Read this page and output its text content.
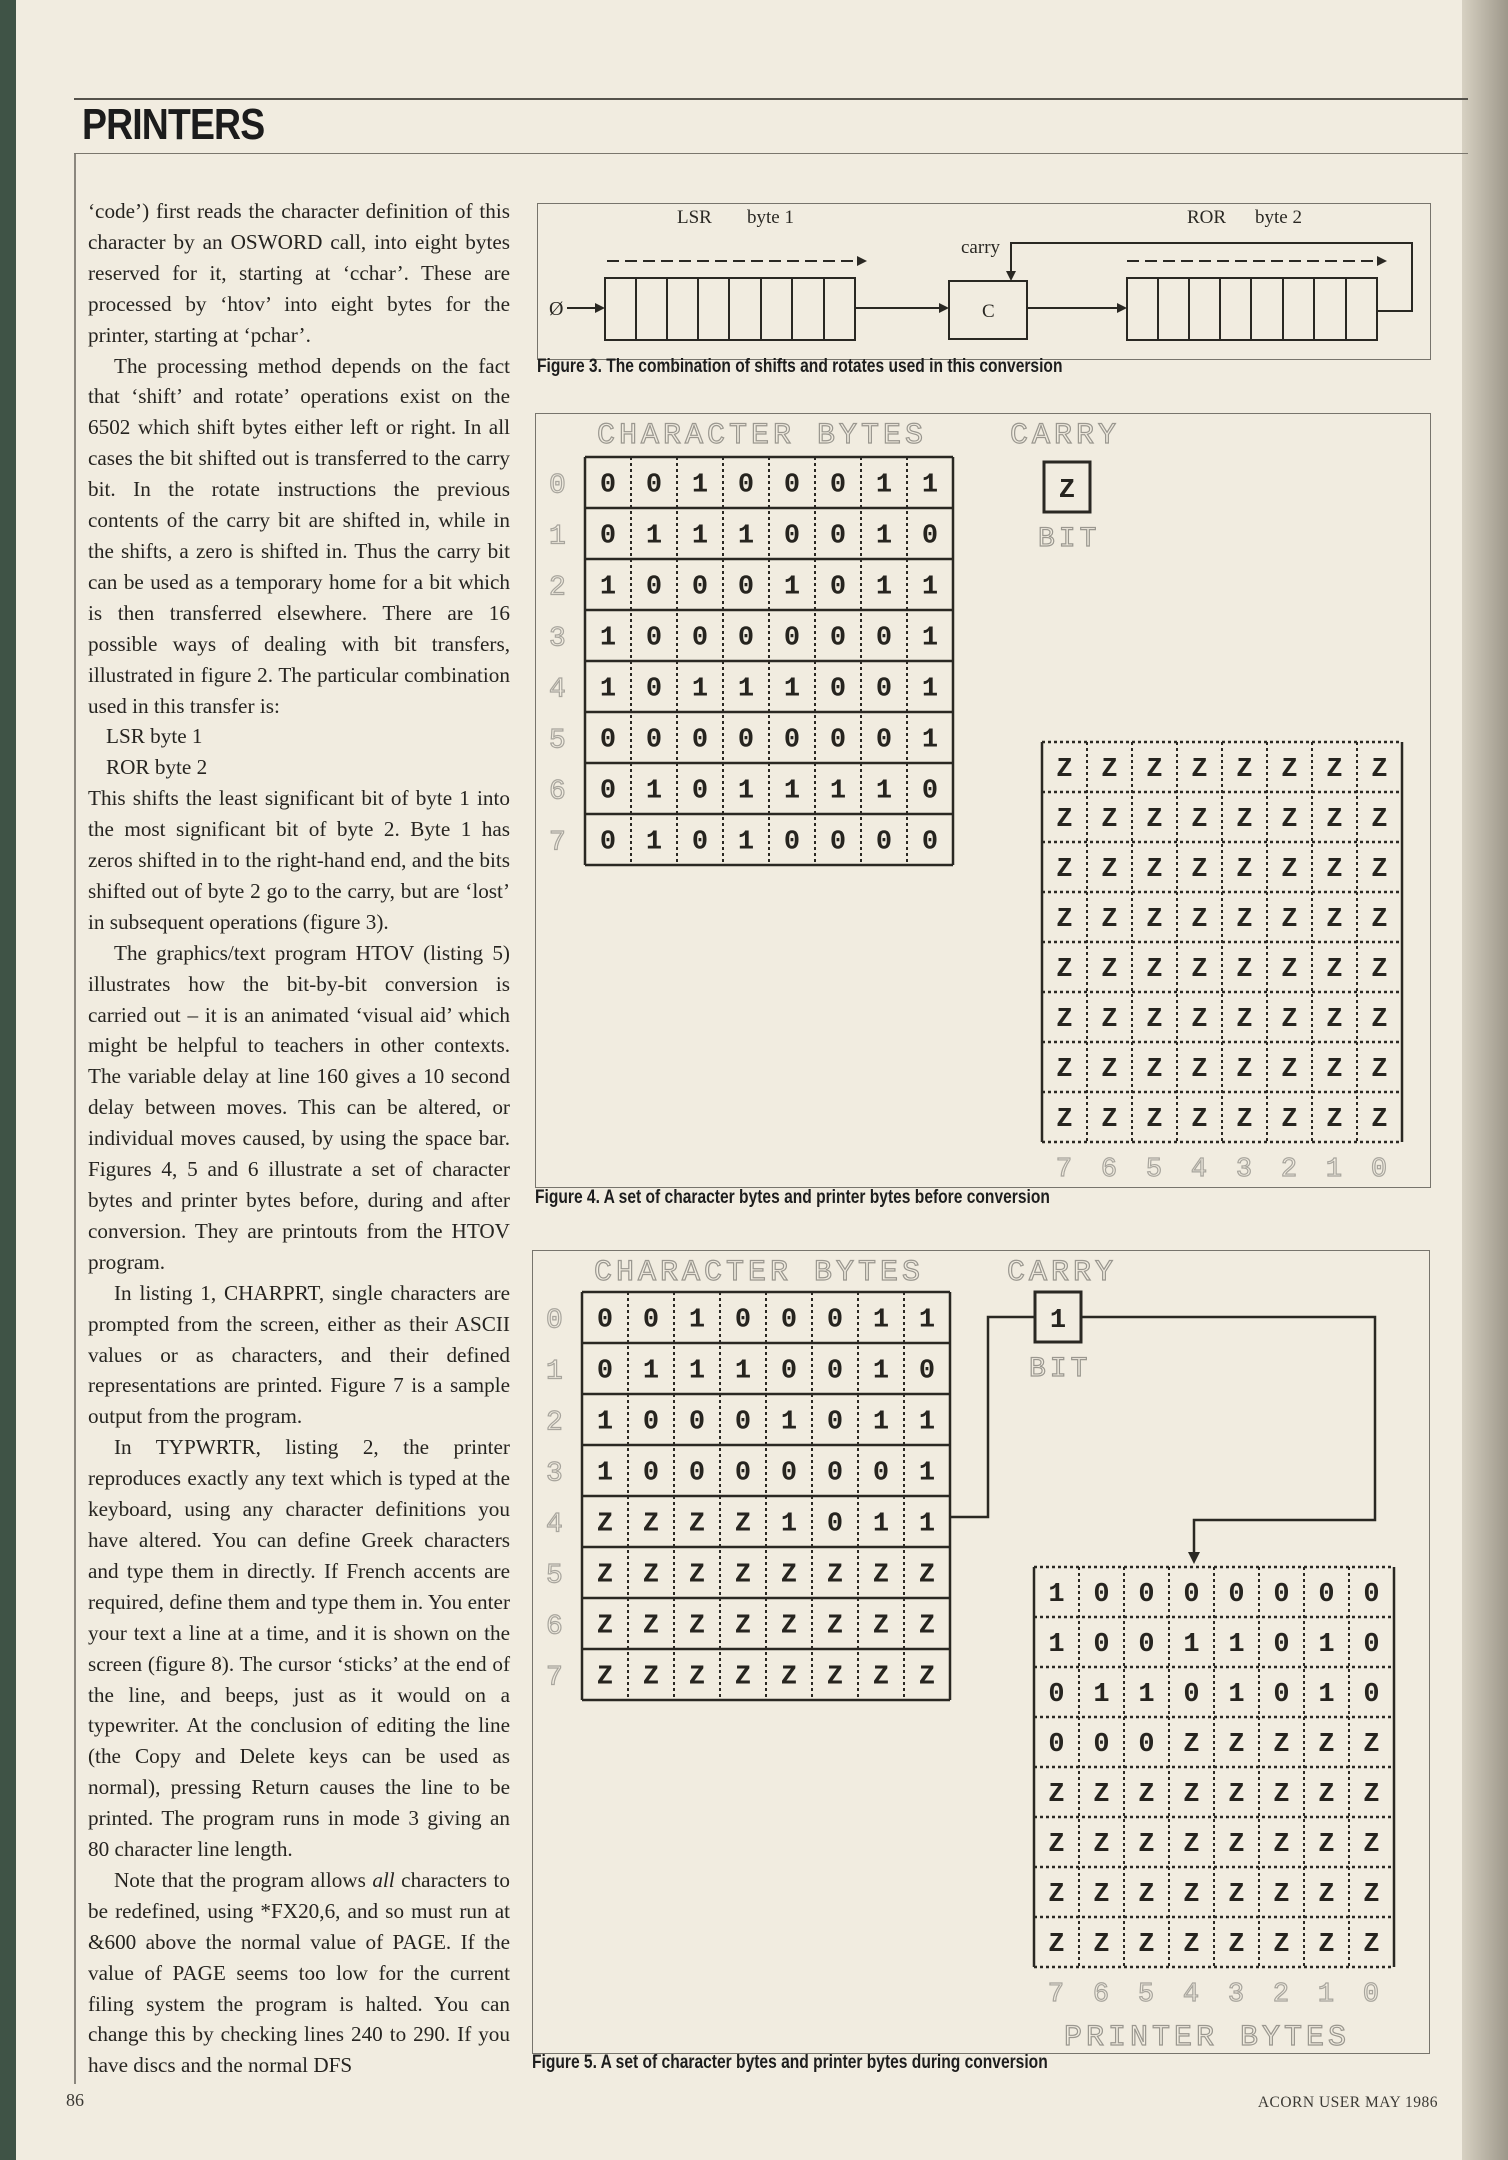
PRINTERS

‘code’) first reads the character definition of this character by an OSWORD call, into eight bytes reserved for it, starting at ‘cchar’. These are processed by ‘htov’ into eight bytes for the printer, starting at ‘pchar’.

The processing method depends on the fact that ‘shift’ and rotate’ operations exist on the 6502 which shift bytes either left or right. In all cases the bit shifted out is transferred to the carry bit. In the rotate instructions the previous contents of the carry bit are shifted in, while in the shifts, a zero is shifted in. Thus the carry bit can be used as a temporary home for a bit which is then transferred elsewhere. There are 16 possible ways of dealing with bit transfers, illustrated in figure 2. The particular combination used in this transfer is:

LSR byte 1

ROR byte 2

This shifts the least significant bit of byte 1 into the most significant bit of byte 2. Byte 1 has zeros shifted in to the right-hand end, and the bits shifted out of byte 2 go to the carry, but are ‘lost’ in subsequent operations (figure 3).

The graphics/text program HTOV (listing 5) illustrates how the bit-by-bit conversion is carried out – it is an animated ‘visual aid’ which might be helpful to teachers in other contexts. The variable delay at line 160 gives a 10 second delay between moves. This can be altered, or individual moves caused, by using the space bar. Figures 4, 5 and 6 illustrate a set of character bytes and printer bytes before, during and after conversion. They are printouts from the HTOV program.

In listing 1, CHARPRT, single characters are prompted from the screen, either as their ASCII values or as characters, and their defined representations are printed. Figure 7 is a sample output from the program.

In TYPWRTR, listing 2, the printer reproduces exactly any text which is typed at the keyboard, using any character definitions you have altered. You can define Greek characters and type them in directly. If French accents are required, define them and type them in. You enter your text a line at a time, and it is shown on the screen (figure 8). The cursor ‘sticks’ at the end of the line, and beeps, just as it would on a typewriter. At the conclusion of editing the line (the Copy and Delete keys can be used as normal), pressing Return causes the line to be printed. The program runs in mode 3 giving an 80 character line length.

Note that the program allows all characters to be redefined, using *FX20,6, and so must run at &600 above the normal value of PAGE. If the value of PAGE seems too low for the current filing system the program is halted. You can change this by checking lines 240 to 290. If you have discs and the normal DFS

LSR byte 1	ROR byte 2
carry
Ø	C
Figure 3. The combination of shifts and rotates used in this conversion
CHARACTER BYTES	CARRY
0
1
2
3
4
5
6
7
0 0 1 0 0 0 1 1
0 1 1 1 0 0 1 0
1 0 0 0 1 0 1 1
1 0 0 0 0 0 0 1
1 0 1 1 1 0 0 1
0 0 0 0 0 0 0 1
0 1 0 1 1 1 1 0
0 1 0 1 0 0 0 0
Z
BIT
Z Z Z Z Z Z Z Z
Z Z Z Z Z Z Z Z
Z Z Z Z Z Z Z Z
Z Z Z Z Z Z Z Z
Z Z Z Z Z Z Z Z
Z Z Z Z Z Z Z Z
Z Z Z Z Z Z Z Z
Z Z Z Z Z Z Z Z
7 6 5 4 3 2 1 0
Figure 4. A set of character bytes and printer bytes before conversion
CHARACTER BYTES	CARRY
0
1
2
3
4
5
6
7
0 0 1 0 0 0 1 1
0 1 1 1 0 0 1 0
1 0 0 0 1 0 1 1
1 0 0 0 0 0 0 1
Z Z Z Z 1 0 1 1
Z Z Z Z Z Z Z Z
Z Z Z Z Z Z Z Z
Z Z Z Z Z Z Z Z
1
BIT
1 0 0 0 0 0 0 0
1 0 0 1 1 0 1 0
0 1 1 0 1 0 1 0
0 0 0 Z Z Z Z Z
Z Z Z Z Z Z Z Z
Z Z Z Z Z Z Z Z
Z Z Z Z Z Z Z Z
Z Z Z Z Z Z Z Z
7 6 5 4 3 2 1 0
PRINTER BYTES
Figure 5. A set of character bytes and printer bytes during conversion
86	ACORN USER MAY 1986
